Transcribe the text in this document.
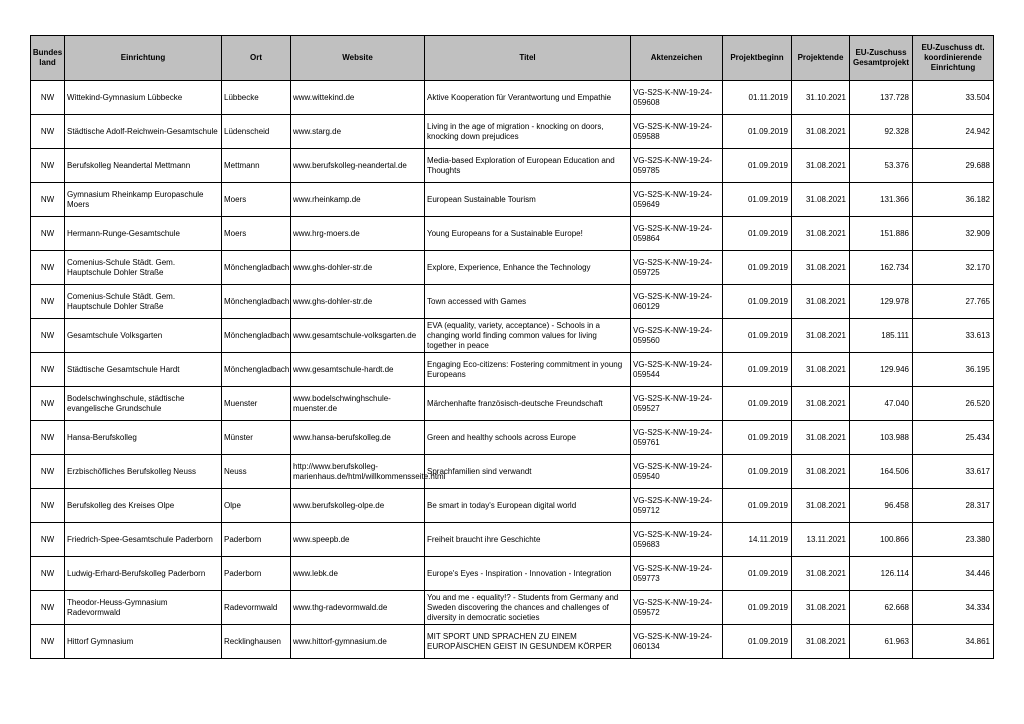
Bundes land	Einrichtung	Ort	Website	Titel	Aktenzeichen	Projektbeginn	Projektende	EU-Zuschuss Gesamtprojekt	EU-Zuschuss dt. koordinierende Einrichtung
NW	Wittekind-Gymnasium Lübbecke	Lübbecke	www.wittekind.de	Aktive Kooperation für Verantwortung und Empathie	VG-S2S-K-NW-19-24-059608	01.11.2019	31.10.2021	137.728	33.504
NW	Städtische Adolf-Reichwein-Gesamtschule	Lüdenscheid	www.starg.de	Living in the age of migration - knocking on doors, knocking down prejudices	VG-S2S-K-NW-19-24-059588	01.09.2019	31.08.2021	92.328	24.942
NW	Berufskolleg Neandertal Mettmann	Mettmann	www.berufskolleg-neandertal.de	Media-based Exploration of European Education and Thoughts	VG-S2S-K-NW-19-24-059785	01.09.2019	31.08.2021	53.376	29.688
NW	Gymnasium Rheinkamp Europaschule Moers	Moers	www.rheinkamp.de	European Sustainable Tourism	VG-S2S-K-NW-19-24-059649	01.09.2019	31.08.2021	131.366	36.182
NW	Hermann-Runge-Gesamtschule	Moers	www.hrg-moers.de	Young Europeans for a Sustainable Europe!	VG-S2S-K-NW-19-24-059864	01.09.2019	31.08.2021	151.886	32.909
NW	Comenius-Schule Städt. Gem. Hauptschule Dohler Straße	Mönchengladbach	www.ghs-dohler-str.de	Explore, Experience, Enhance the Technology	VG-S2S-K-NW-19-24-059725	01.09.2019	31.08.2021	162.734	32.170
NW	Comenius-Schule Städt. Gem. Hauptschule Dohler Straße	Mönchengladbach	www.ghs-dohler-str.de	Town accessed with Games	VG-S2S-K-NW-19-24-060129	01.09.2019	31.08.2021	129.978	27.765
NW	Gesamtschule Volksgarten	Mönchengladbach	www.gesamtschule-volksgarten.de	EVA (equality, variety, acceptance) - Schools in a changing world finding common values for living together in peace	VG-S2S-K-NW-19-24-059560	01.09.2019	31.08.2021	185.111	33.613
NW	Städtische Gesamtschule Hardt	Mönchengladbach	www.gesamtschule-hardt.de	Engaging Eco-citizens: Fostering commitment in young Europeans	VG-S2S-K-NW-19-24-059544	01.09.2019	31.08.2021	129.946	36.195
NW	Bodelschwinghschule, städtische evangelische Grundschule	Muenster	www.bodelschwinghschule-muenster.de	Märchenhafte französisch-deutsche Freundschaft	VG-S2S-K-NW-19-24-059527	01.09.2019	31.08.2021	47.040	26.520
NW	Hansa-Berufskolleg	Münster	www.hansa-berufskolleg.de	Green and healthy schools across Europe	VG-S2S-K-NW-19-24-059761	01.09.2019	31.08.2021	103.988	25.434
NW	Erzbischöfliches Berufskolleg Neuss	Neuss	http://www.berufskolleg-marienhaus.de/html/willkommensseite.html	Sprachfamilien sind verwandt	VG-S2S-K-NW-19-24-059540	01.09.2019	31.08.2021	164.506	33.617
NW	Berufskolleg des Kreises Olpe	Olpe	www.berufskolleg-olpe.de	Be smart in today's European digital world	VG-S2S-K-NW-19-24-059712	01.09.2019	31.08.2021	96.458	28.317
NW	Friedrich-Spee-Gesamtschule Paderborn	Paderborn	www.speepb.de	Freiheit braucht ihre Geschichte	VG-S2S-K-NW-19-24-059683	14.11.2019	13.11.2021	100.866	23.380
NW	Ludwig-Erhard-Berufskolleg Paderborn	Paderborn	www.lebk.de	Europe's Eyes - Inspiration - Innovation - Integration	VG-S2S-K-NW-19-24-059773	01.09.2019	31.08.2021	126.114	34.446
NW	Theodor-Heuss-Gymnasium Radevormwald	Radevormwald	www.thg-radevormwald.de	You and me - equality!? - Students from Germany and Sweden discovering the chances and challenges of diversity in democratic societies	VG-S2S-K-NW-19-24-059572	01.09.2019	31.08.2021	62.668	34.334
NW	Hittorf Gymnasium	Recklinghausen	www.hittorf-gymnasium.de	MIT SPORT UND SPRACHEN ZU EINEM EUROPÄISCHEN GEIST IN GESUNDEM KÖRPER	VG-S2S-K-NW-19-24-060134	01.09.2019	31.08.2021	61.963	34.861
